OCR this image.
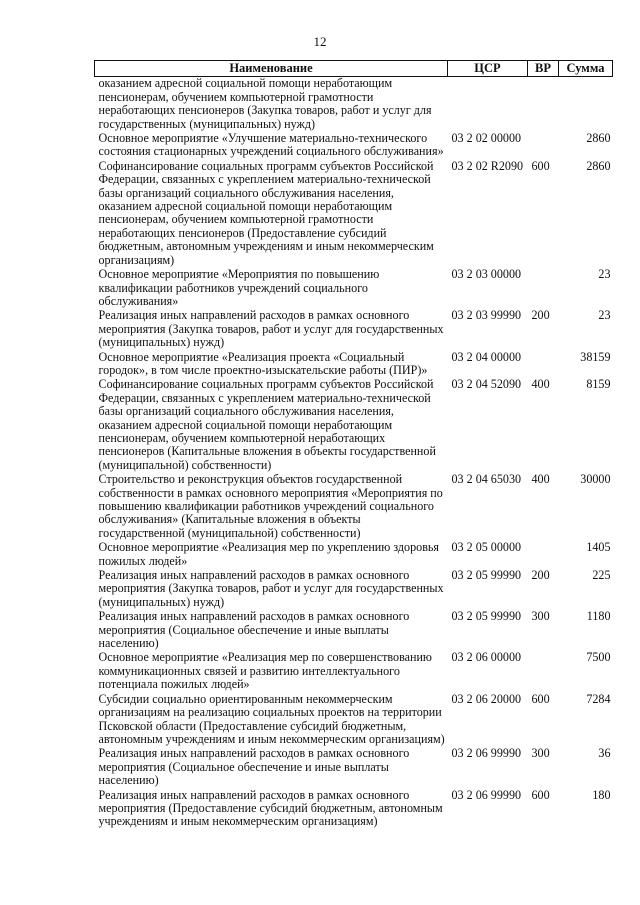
12
Наименование	ЦСР	ВР	Сумма
оказанием адресной социальной помощи неработающим пенсионерам, обучением компьютерной грамотности неработающих пенсионеров (Закупка товаров, работ и услуг для государственных (муниципальных) нужд)			
Основное мероприятие «Улучшение материально-технического состояния стационарных учреждений социального обслуживания»	03 2 02 00000		2860
Софинансирование социальных программ субъектов Российской Федерации, связанных с укреплением материально-технической базы организаций социального обслуживания населения, оказанием адресной социальной помощи неработающим пенсионерам, обучением компьютерной грамотности неработающих пенсионеров (Предоставление субсидий бюджетным, автономным учреждениям и иным некоммерческим организациям)	03 2 02 R2090	600	2860
Основное мероприятие «Мероприятия по повышению квалификации работников учреждений социального обслуживания»	03 2 03 00000		23
Реализация иных направлений расходов в рамках основного мероприятия (Закупка товаров, работ и услуг для государственных (муниципальных) нужд)	03 2 03 99990	200	23
Основное мероприятие «Реализация проекта «Социальный городок», в том числе проектно-изыскательские работы (ПИР)»	03 2 04 00000		38159
Софинансирование социальных программ субъектов Российской Федерации, связанных с укреплением материально-технической базы организаций социального обслуживания населения, оказанием адресной социальной помощи неработающим пенсионерам, обучением компьютерной неработающих пенсионеров (Капитальные вложения в объекты государственной (муниципальной) собственности)	03 2 04 52090	400	8159
Строительство и реконструкция объектов государственной собственности в рамках основного мероприятия «Мероприятия по повышению квалификации работников учреждений социального обслуживания» (Капитальные вложения в объекты государственной (муниципальной) собственности)	03 2 04 65030	400	30000
Основное мероприятие «Реализация мер по укреплению здоровья пожилых людей»	03 2 05 00000		1405
Реализация иных направлений расходов в рамках основного мероприятия (Закупка товаров, работ и услуг для государственных (муниципальных) нужд)	03 2 05 99990	200	225
Реализация иных направлений расходов в рамках основного мероприятия (Социальное обеспечение и иные выплаты населению)	03 2 05 99990	300	1180
Основное мероприятие «Реализация мер по совершенствованию коммуникационных связей и развитию интеллектуального потенциала пожилых людей»	03 2 06 00000		7500
Субсидии социально ориентированным некоммерческим организациям на реализацию социальных проектов на территории Псковской области (Предоставление субсидий бюджетным, автономным учреждениям и иным некоммерческим организациям)	03 2 06 20000	600	7284
Реализация иных направлений расходов в рамках основного мероприятия (Социальное обеспечение и иные выплаты населению)	03 2 06 99990	300	36
Реализация иных направлений расходов в рамках основного мероприятия (Предоставление субсидий бюджетным, автономным учреждениям и иным некоммерческим организациям)	03 2 06 99990	600	180
